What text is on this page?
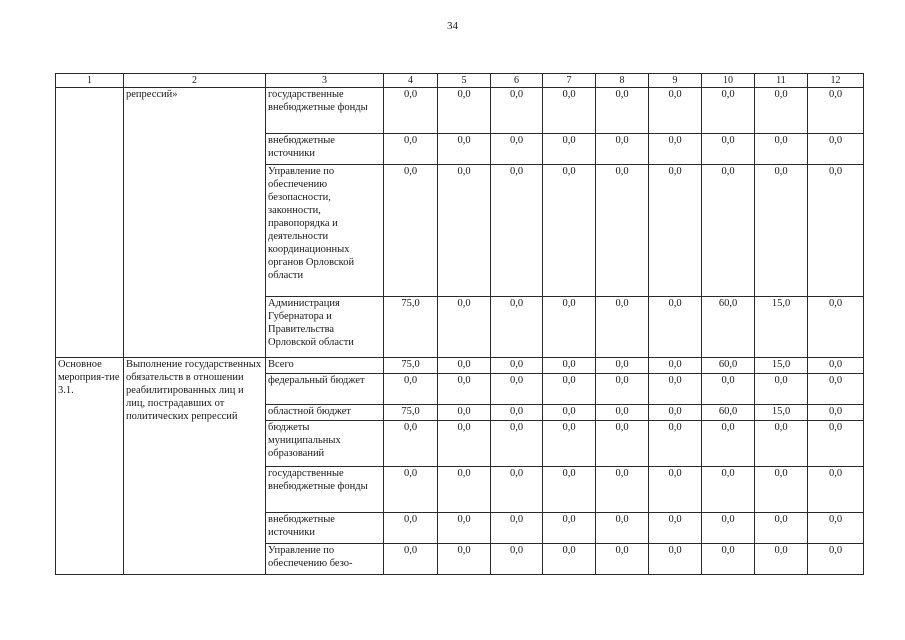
34
1	2	3	4	5	6	7	8	9	10	11	12
	репрессий»	государственные внебюджетные фонды	0,0	0,0	0,0	0,0	0,0	0,0	0,0	0,0	0,0
		внебюджетные источники	0,0	0,0	0,0	0,0	0,0	0,0	0,0	0,0	0,0
		Управление по обеспечению безопасности, законности, правопорядка и деятельности координационных органов Орловской области	0,0	0,0	0,0	0,0	0,0	0,0	0,0	0,0	0,0
		Администрация Губернатора и Правительства Орловской области	75,0	0,0	0,0	0,0	0,0	0,0	60,0	15,0	0,0
Основное мероприя-тие 3.1.	Выполнение государственных обязательств в отношении реабилитированных лиц и лиц, пострадавших от политических репрессий	Всего	75,0	0,0	0,0	0,0	0,0	0,0	60,0	15,0	0,0
		федеральный бюджет	0,0	0,0	0,0	0,0	0,0	0,0	0,0	0,0	0,0
		областной бюджет	75,0	0,0	0,0	0,0	0,0	0,0	60,0	15,0	0,0
		бюджеты муниципальных образований	0,0	0,0	0,0	0,0	0,0	0,0	0,0	0,0	0,0
		государственные внебюджетные фонды	0,0	0,0	0,0	0,0	0,0	0,0	0,0	0,0	0,0
		внебюджетные источники	0,0	0,0	0,0	0,0	0,0	0,0	0,0	0,0	0,0
		Управление по обеспечению безо-	0,0	0,0	0,0	0,0	0,0	0,0	0,0	0,0	0,0
